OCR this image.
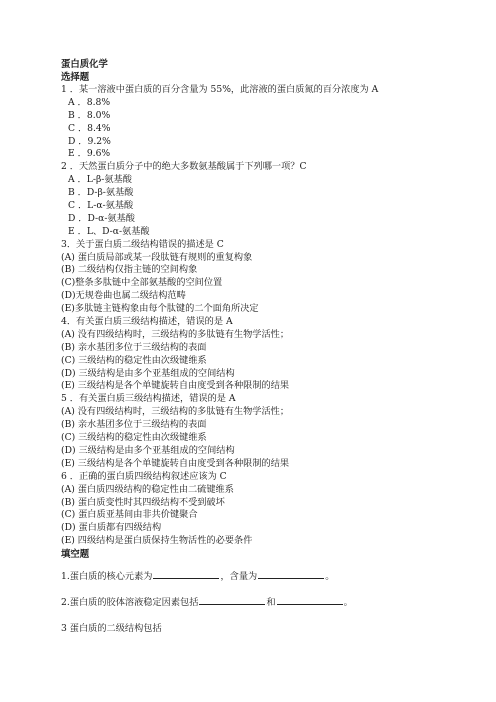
蛋白质化学
选择题
1 ．某一溶液中蛋白质的百分含量为 55%，此溶液的蛋白质氮的百分浓度为 A
A ．8.8%
B ．8.0%
C ．8.4%
D ．9.2%
E ．9.6%
2 ．天然蛋白质分子中的绝大多数氨基酸属于下列哪一项？C
A ．L-β-氨基酸
B ．D-β-氨基酸
C ．L-α-氨基酸
D ．D-α-氨基酸
E ．L、D-α-氨基酸
3．关于蛋白质二级结构错误的描述是 C
(A) 蛋白质局部或某一段肽链有规则的重复构象
(B) 二级结构仅指主链的空间构象
(C)整条多肽链中全部氨基酸的空间位置
(D)无规卷曲也属二级结构范畴
(E)多肽链主链构象由每个肽键的二个面角所决定
4．有关蛋白质三级结构描述，错误的是 A
(A) 没有四级结构时，三级结构的多肽链有生物学活性；
(B) 亲水基团多位于三级结构的表面
(C) 三级结构的稳定性由次级键维系
(D) 三级结构是由多个亚基组成的空间结构
(E) 三级结构是各个单键旋转自由度受到各种限制的结果
5 ．有关蛋白质三级结构描述，错误的是 A
(A) 没有四级结构时，三级结构的多肽链有生物学活性；
(B) 亲水基团多位于三级结构的表面
(C) 三级结构的稳定性由次级键维系
(D) 三级结构是由多个亚基组成的空间结构
(E) 三级结构是各个单键旋转自由度受到各种限制的结果
6 ．正确的蛋白质四级结构叙述应该为 C
(A) 蛋白质四级结构的稳定性由二硫键维系
(B) 蛋白质变性时其四级结构不受到破坏
(C) 蛋白质亚基间由非共价键聚合
(D) 蛋白质都有四级结构
(E) 四级结构是蛋白质保持生物活性的必要条件
填空题
1.蛋白质的核心元素为	，含量为	。
2.蛋白质的胶体溶液稳定因素包括	和	。
3 蛋白质的二级结构包括
